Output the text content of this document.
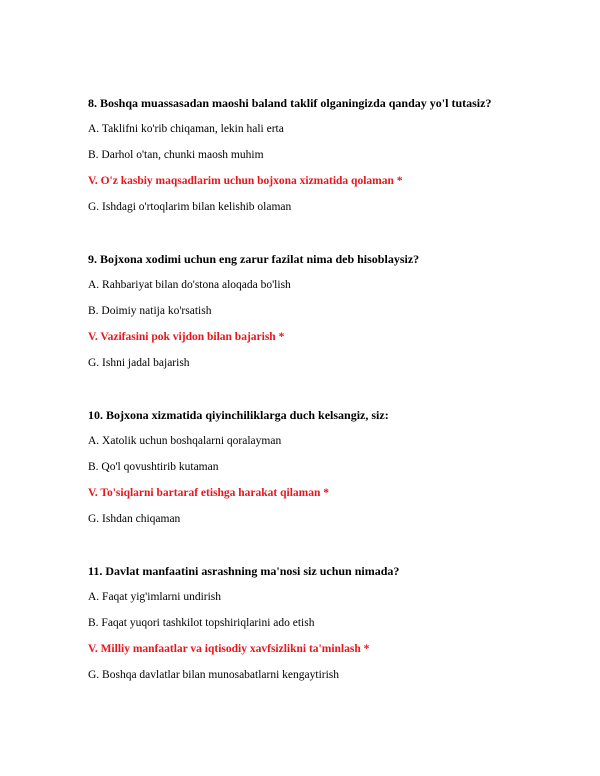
8. Boshqa muassasadan maoshi baland taklif olganingizda qanday yo'l tutasiz?

A. Taklifni ko'rib chiqaman, lekin hali erta

B. Darhol o'tan, chunki maosh muhim

V. O'z kasbiy maqsadlarim uchun bojxona xizmatida qolaman *

G. Ishdagi o'rtoqlarim bilan kelishib olaman

9. Bojxona xodimi uchun eng zarur fazilat nima deb hisoblaysiz?

A. Rahbariyat bilan do'stona aloqada bo'lish

B. Doimiy natija ko'rsatish

V. Vazifasini pok vijdon bilan bajarish *

G. Ishni jadal bajarish

10. Bojxona xizmatida qiyinchiliklarga duch kelsangiz, siz:

A. Xatolik uchun boshqalarni qoralayman

B. Qo'l qovushtirib kutaman

V. To'siqlarni bartaraf etishga harakat qilaman *

G. Ishdan chiqaman

11. Davlat manfaatini asrashning ma'nosi siz uchun nimada?

A. Faqat yig'imlarni undirish

B. Faqat yuqori tashkilot topshiriqlarini ado etish

V. Milliy manfaatlar va iqtisodiy xavfsizlikni ta'minlash *

G. Boshqa davlatlar bilan munosabatlarni kengaytirish
